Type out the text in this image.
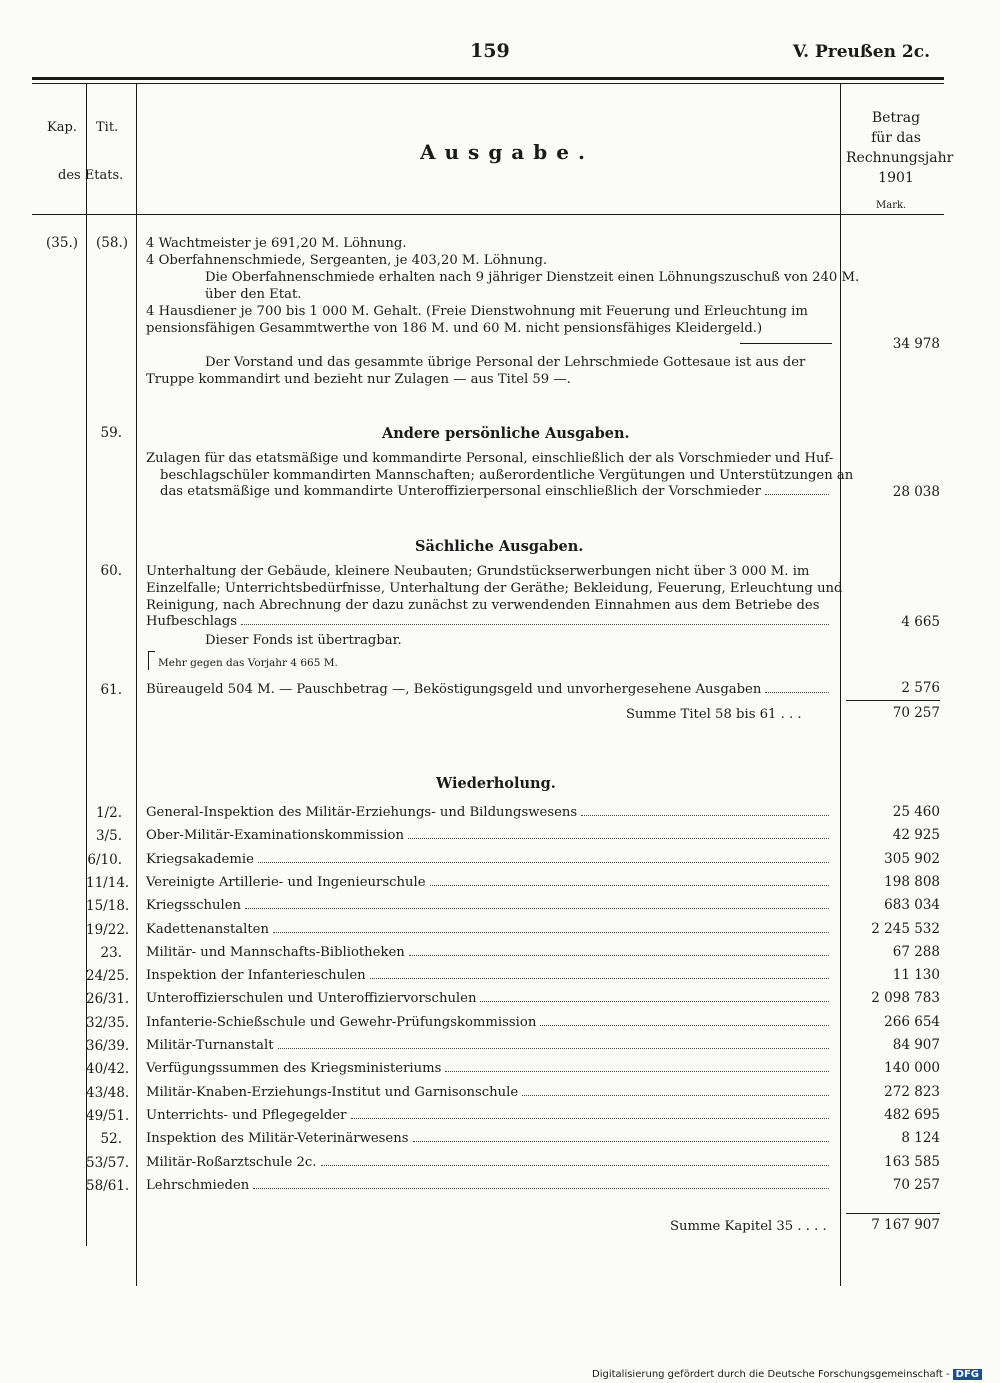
159	V. Preußen 2c.
Kap. Tit.
des Etats.
Ausgabe.
Betrag
für das
Rechnungsjahr
1901
Mark.
(35.) (58.) 4 Wachtmeister je 691,20 M. Löhnung.
4 Oberfahnenschmiede, Sergeanten, je 403,20 M. Löhnung.
Die Oberfahnenschmiede erhalten nach 9 jähriger Dienstzeit einen Löhnungszuschuß von 240 M.
über den Etat.
4 Hausdiener je 700 bis 1 000 M. Gehalt. (Freie Dienstwohnung mit Feuerung und Erleuchtung im
pensionsfähigen Gesammtwerthe von 186 M. und 60 M. nicht pensionsfähiges Kleidergeld.)
34 978
Der Vorstand und das gesammte übrige Personal der Lehrschmiede Gottesaue ist aus der
Truppe kommandirt und bezieht nur Zulagen — aus Titel 59 —.
Andere persönliche Ausgaben.
59.
Zulagen für das etatsmäßige und kommandirte Personal, einschließlich der als Vorschmieder und Huf-
beschlagschüler kommandirten Mannschaften; außerordentliche Vergütungen und Unterstützungen an
das etatsmäßige und kommandirte Unteroffizierpersonal einschließlich der Vorschmieder	28 038
Sächliche Ausgaben.
60. Unterhaltung der Gebäude, kleinere Neubauten; Grundstückserwerbungen nicht über 3 000 M. im
Einzelfalle; Unterrichtsbedürfnisse, Unterhaltung der Geräthe; Bekleidung, Feuerung, Erleuchtung und
Reinigung, nach Abrechnung der dazu zunächst zu verwendenden Einnahmen aus dem Betriebe des
Hufbeschlags	4 665
Dieser Fonds ist übertragbar.
Mehr gegen das Vorjahr 4 665 M.
61. Büreaugeld 504 M. — Pauschbetrag —, Beköstigungsgeld und unvorhergesehene Ausgaben	2 576
Summe Titel 58 bis 61 . . .	70 257
Wiederholung.
1/2. General-Inspektion des Militär-Erziehungs- und Bildungswesens	25 460
3/5. Ober-Militär-Examinationskommission	42 925
6/10. Kriegsakademie	305 902
11/14. Vereinigte Artillerie- und Ingenieurschule	198 808
15/18. Kriegsschulen	683 034
19/22. Kadettenanstalten	2 245 532
23. Militär- und Mannschafts-Bibliotheken	67 288
24/25. Inspektion der Infanterieschulen	11 130
26/31. Unteroffizierschulen und Unteroffiziervorschulen	2 098 783
32/35. Infanterie-Schießschule und Gewehr-Prüfungskommission	266 654
36/39. Militär-Turnanstalt	84 907
40/42. Verfügungssummen des Kriegsministeriums	140 000
43/48. Militär-Knaben-Erziehungs-Institut und Garnisonschule	272 823
49/51. Unterrichts- und Pflegegelder	482 695
52. Inspektion des Militär-Veterinärwesens	8 124
53/57. Militär-Roßarztschule 2c.	163 585
58/61. Lehrschmieden	70 257
Summe Kapitel 35 . . . .	7 167 907
Digitalisierung gefördert durch die Deutsche Forschungsgemeinschaft - DFG
